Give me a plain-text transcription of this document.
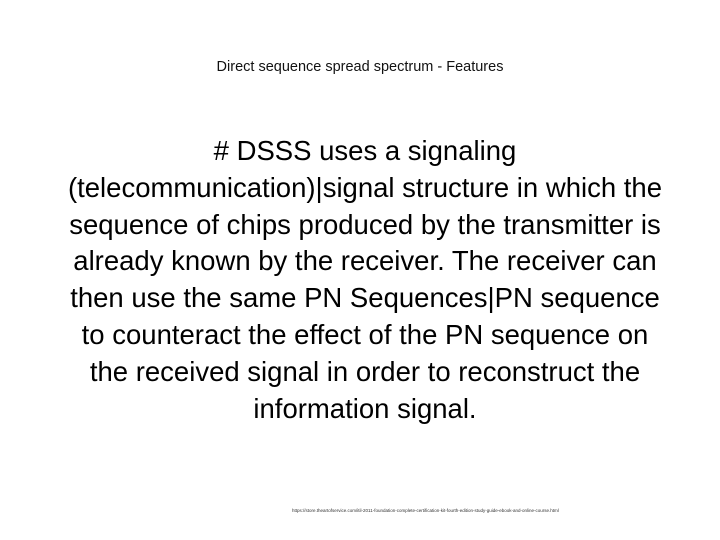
Direct sequence spread spectrum - Features
# DSSS uses a signaling (telecommunication)|signal structure in which the sequence of chips produced by the transmitter is already known by the receiver. The receiver can then use the same PN Sequences|PN sequence to counteract the effect of the PN sequence on the received signal in order to reconstruct the information signal.
https://store.theartofservice.com/itil-2011-foundation-complete-certification-kit-fourth-edition-study-guide-ebook-and-online-course.html
